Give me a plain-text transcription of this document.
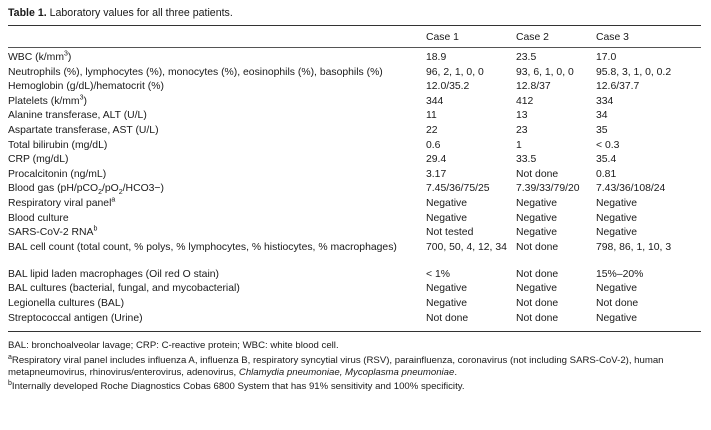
Table 1. Laboratory values for all three patients.
	Case 1	Case 2	Case 3
WBC $(k/mm^3)$	18.9	23.5	17.0
Neutrophils (%), lymphocytes (%), monocytes (%), eosinophils (%), basophils (%)	96, 2, 1, 0, 0	93, 6, 1, 0, 0	95.8, 3, 1, 0, 0.2
Hemoglobin (g/dL)/hematocrit (%)	12.0/35.2	12.8/37	12.6/37.7
Platelets $(k/mm^3)$	344	412	334
Alanine transferase, ALT (U/L)	11	13	34
Aspartate transferase, AST (U/L)	22	23	35
Total bilirubin (mg/dL)	0.6	1	< 0.3
CRP (mg/dL)	29.4	33.5	35.4
Procalcitonin (ng/mL)	3.17	Not done	0.81
Blood gas $(pH/pCO_2/pO_2/HCO3-)$	7.45/36/75/25	7.39/33/79/20	7.43/36/108/24
Respiratory viral panel$^a$	Negative	Negative	Negative
Blood culture	Negative	Negative	Negative
SARS-CoV-2 RNA$^b$	Not tested	Negative	Negative
BAL cell count (total count, % polys, % lymphocytes, % histiocytes, % macrophages)	700, 50, 4, 12, 34	Not done	798, 86, 1, 10, 3
BAL lipid laden macrophages (Oil red O stain)	< 1%	Not done	15%–20%
BAL cultures (bacterial, fungal, and mycobacterial)	Negative	Negative	Negative
Legionella cultures (BAL)	Negative	Not done	Not done
Streptococcal antigen (Urine)	Not done	Not done	Negative

BAL: bronchoalveolar lavage; CRP: C-reactive protein; WBC: white blood cell.

$^a$Respiratory viral panel includes influenza A, influenza B, respiratory syncytial virus (RSV), parainfluenza, coronavirus (not including SARS-CoV-2), human metapneumovirus, rhinovirus/enterovirus, adenovirus, Chlamydia pneumoniae, Mycoplasma pneumoniae.

$^b$Internally developed Roche Diagnostics Cobas 6800 System that has 91% sensitivity and 100% specificity.
